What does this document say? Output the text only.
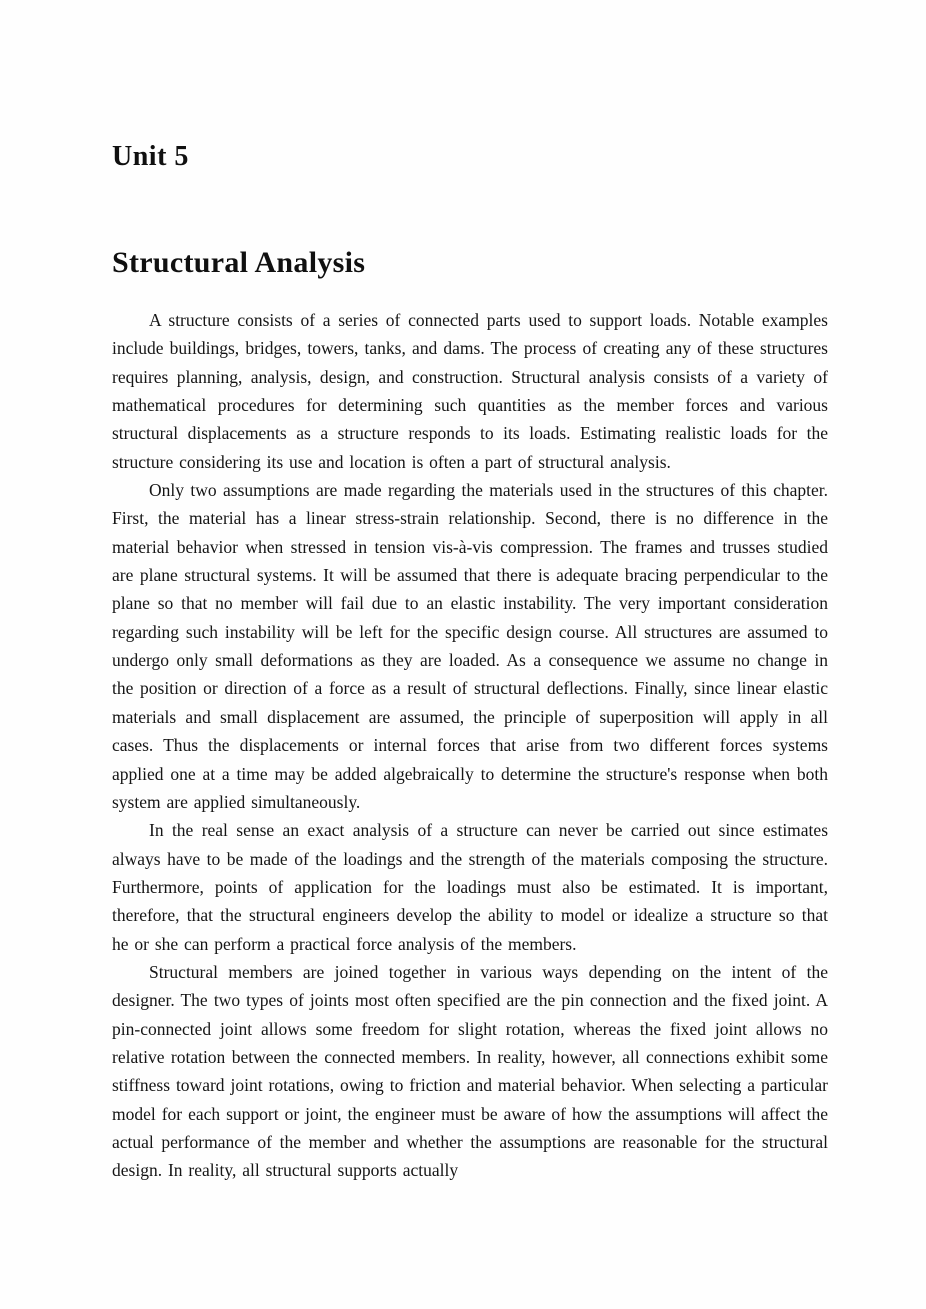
Unit 5
Structural Analysis

A structure consists of a series of connected parts used to support loads. Notable examples include buildings, bridges, towers, tanks, and dams. The process of creating any of these structures requires planning, analysis, design, and construction. Structural analysis consists of a variety of mathematical procedures for determining such quantities as the member forces and various structural displacements as a structure responds to its loads. Estimating realistic loads for the structure considering its use and location is often a part of structural analysis.

Only two assumptions are made regarding the materials used in the structures of this chapter. First, the material has a linear stress-strain relationship. Second, there is no difference in the material behavior when stressed in tension vis-à-vis compression. The frames and trusses studied are plane structural systems. It will be assumed that there is adequate bracing perpendicular to the plane so that no member will fail due to an elastic instability. The very important consideration regarding such instability will be left for the specific design course. All structures are assumed to undergo only small deformations as they are loaded. As a consequence we assume no change in the position or direction of a force as a result of structural deflections. Finally, since linear elastic materials and small displacement are assumed, the principle of superposition will apply in all cases. Thus the displacements or internal forces that arise from two different forces systems applied one at a time may be added algebraically to determine the structure's response when both system are applied simultaneously.

In the real sense an exact analysis of a structure can never be carried out since estimates always have to be made of the loadings and the strength of the materials composing the structure. Furthermore, points of application for the loadings must also be estimated. It is important, therefore, that the structural engineers develop the ability to model or idealize a structure so that he or she can perform a practical force analysis of the members.

Structural members are joined together in various ways depending on the intent of the designer. The two types of joints most often specified are the pin connection and the fixed joint. A pin-connected joint allows some freedom for slight rotation, whereas the fixed joint allows no relative rotation between the connected members. In reality, however, all connections exhibit some stiffness toward joint rotations, owing to friction and material behavior. When selecting a particular model for each support or joint, the engineer must be aware of how the assumptions will affect the actual performance of the member and whether the assumptions are reasonable for the structural design. In reality, all structural supports actually
